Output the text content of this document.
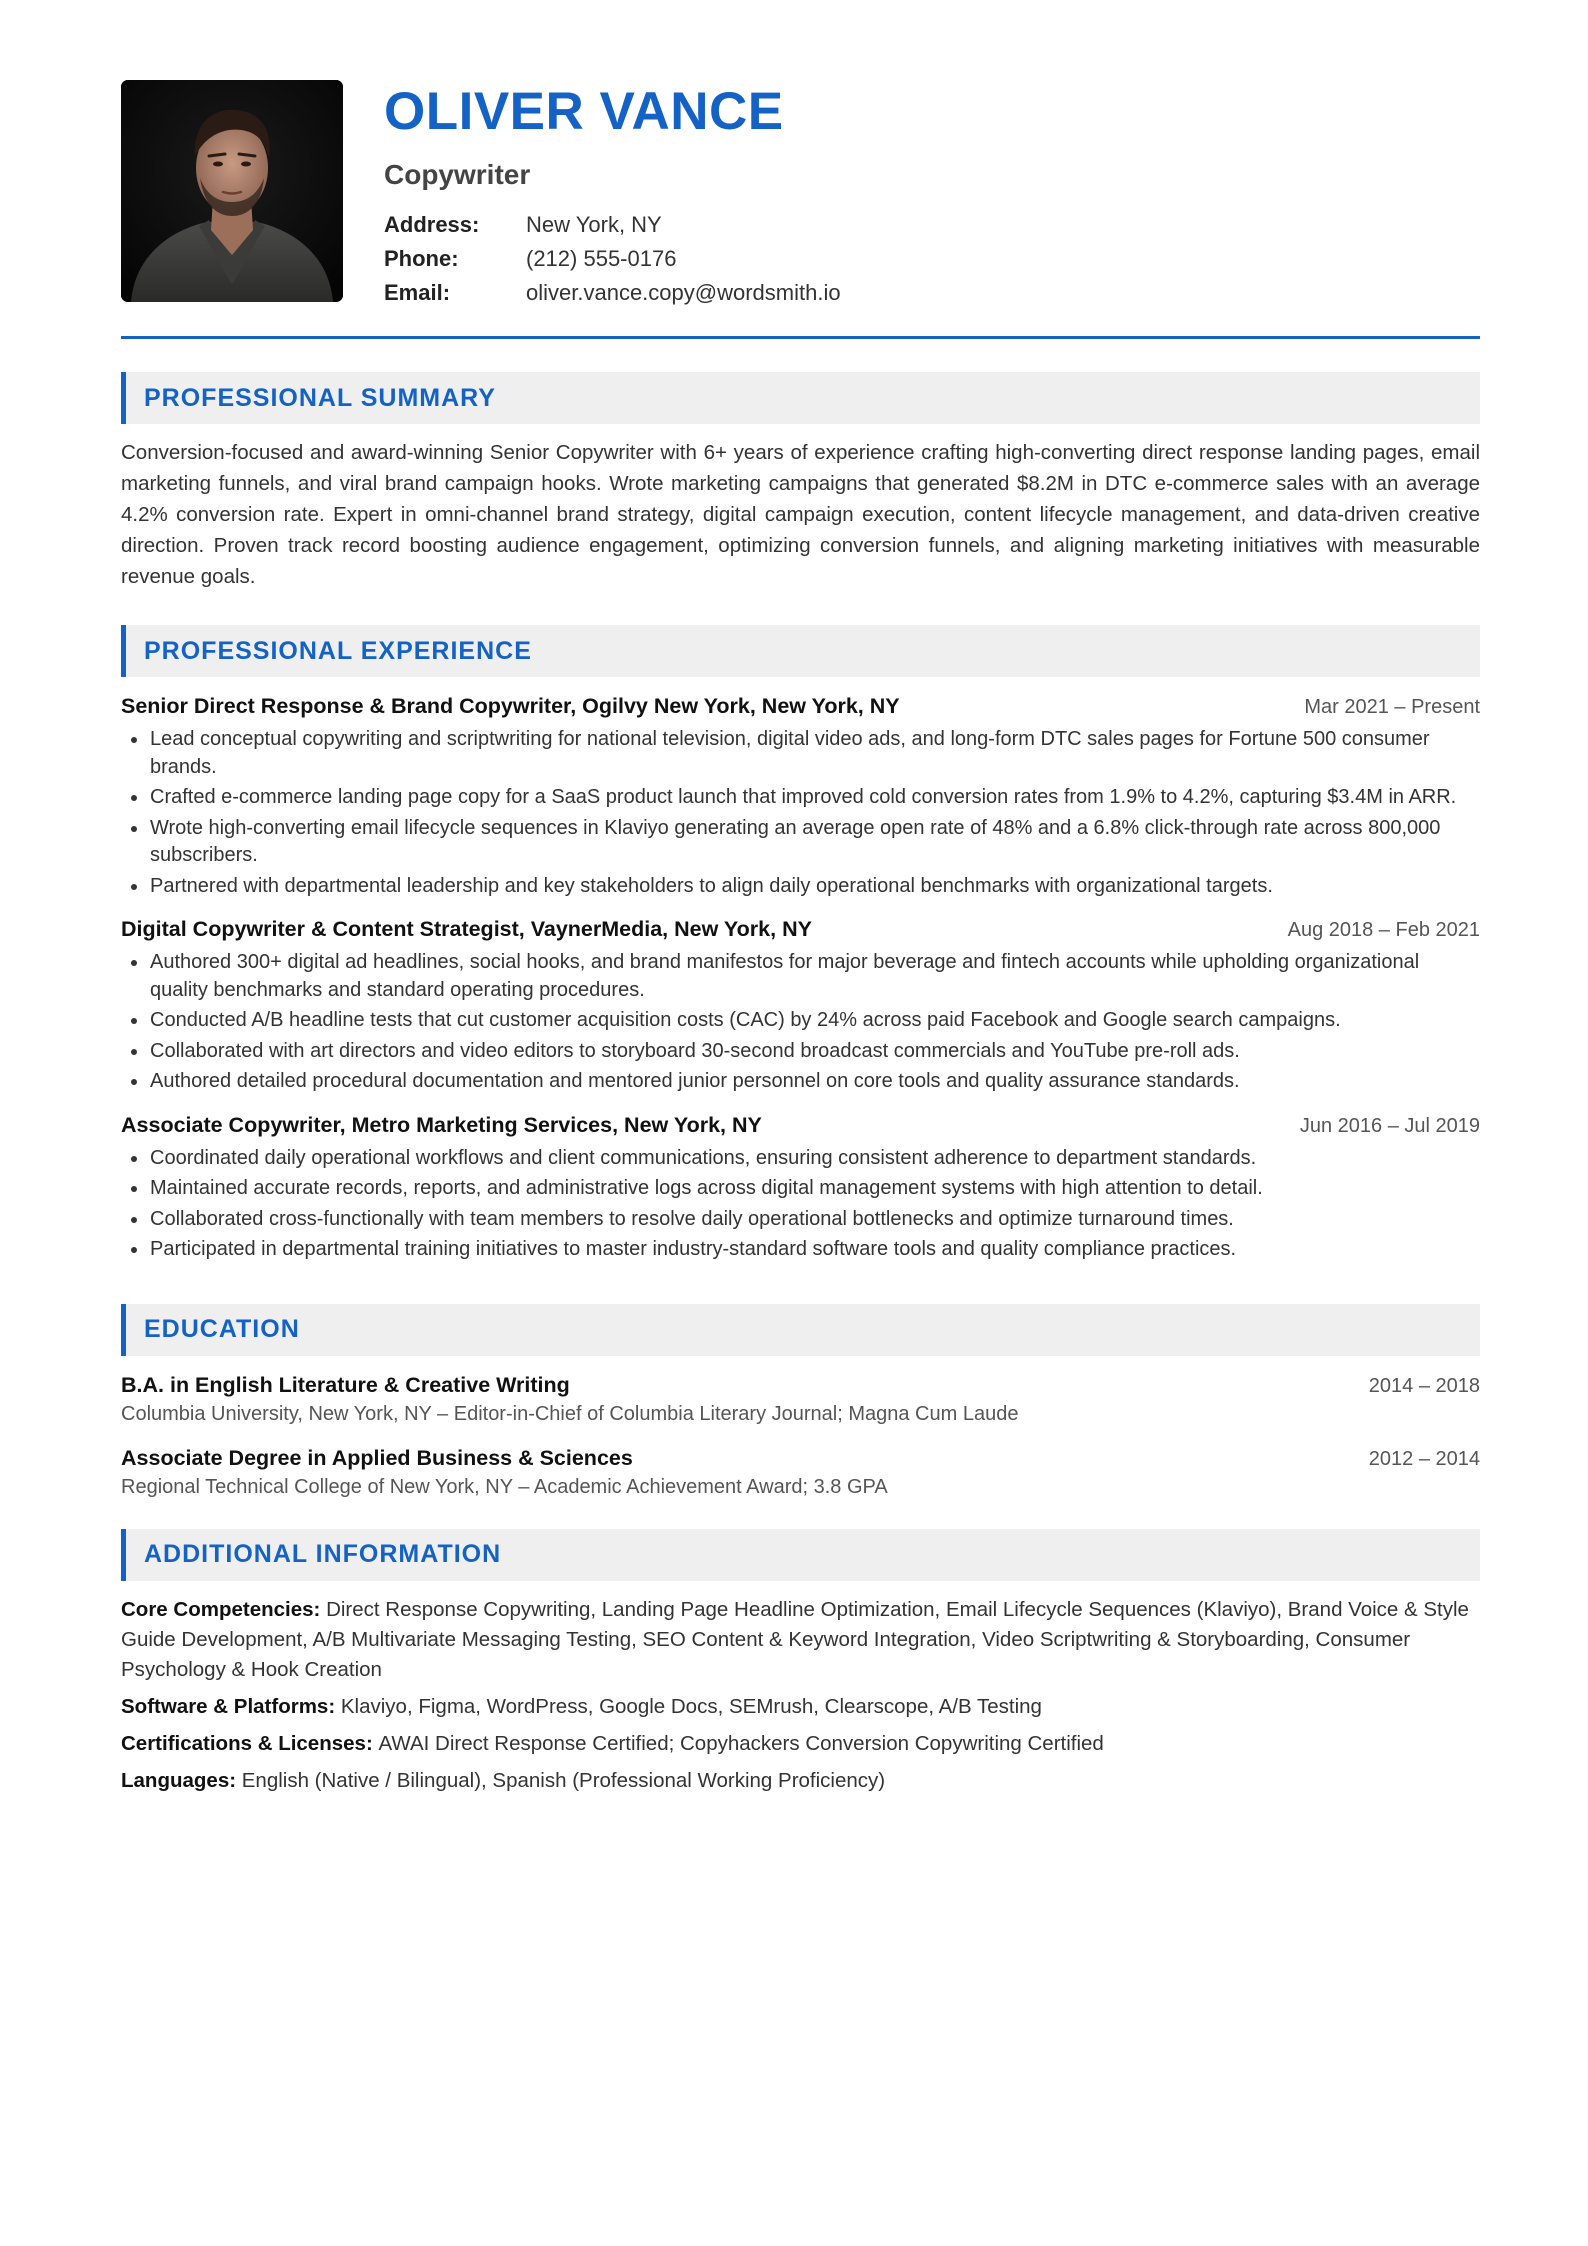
OLIVER VANCE
Copywriter
Address:	New York, NY
Phone:	(212) 555-0176
Email:	oliver.vance.copy@wordsmith.io
PROFESSIONAL SUMMARY
Conversion-focused and award-winning Senior Copywriter with 6+ years of experience crafting high-converting direct response landing pages, email marketing funnels, and viral brand campaign hooks. Wrote marketing campaigns that generated $8.2M in DTC e-commerce sales with an average 4.2% conversion rate. Expert in omni-channel brand strategy, digital campaign execution, content lifecycle management, and data-driven creative direction. Proven track record boosting audience engagement, optimizing conversion funnels, and aligning marketing initiatives with measurable revenue goals.
PROFESSIONAL EXPERIENCE
Senior Direct Response & Brand Copywriter, Ogilvy New York, New York, NY	Mar 2021 – Present
• Lead conceptual copywriting and scriptwriting for national television, digital video ads, and long-form DTC sales pages for Fortune 500 consumer brands.
• Crafted e-commerce landing page copy for a SaaS product launch that improved cold conversion rates from 1.9% to 4.2%, capturing $3.4M in ARR.
• Wrote high-converting email lifecycle sequences in Klaviyo generating an average open rate of 48% and a 6.8% click-through rate across 800,000 subscribers.
• Partnered with departmental leadership and key stakeholders to align daily operational benchmarks with organizational targets.
Digital Copywriter & Content Strategist, VaynerMedia, New York, NY	Aug 2018 – Feb 2021
• Authored 300+ digital ad headlines, social hooks, and brand manifestos for major beverage and fintech accounts while upholding organizational quality benchmarks and standard operating procedures.
• Conducted A/B headline tests that cut customer acquisition costs (CAC) by 24% across paid Facebook and Google search campaigns.
• Collaborated with art directors and video editors to storyboard 30-second broadcast commercials and YouTube pre-roll ads.
• Authored detailed procedural documentation and mentored junior personnel on core tools and quality assurance standards.
Associate Copywriter, Metro Marketing Services, New York, NY	Jun 2016 – Jul 2019
• Coordinated daily operational workflows and client communications, ensuring consistent adherence to department standards.
• Maintained accurate records, reports, and administrative logs across digital management systems with high attention to detail.
• Collaborated cross-functionally with team members to resolve daily operational bottlenecks and optimize turnaround times.
• Participated in departmental training initiatives to master industry-standard software tools and quality compliance practices.
EDUCATION
B.A. in English Literature & Creative Writing	2014 – 2018
Columbia University, New York, NY – Editor-in-Chief of Columbia Literary Journal; Magna Cum Laude
Associate Degree in Applied Business & Sciences	2012 – 2014
Regional Technical College of New York, NY – Academic Achievement Award; 3.8 GPA
ADDITIONAL INFORMATION
Core Competencies: Direct Response Copywriting, Landing Page Headline Optimization, Email Lifecycle Sequences (Klaviyo), Brand Voice & Style Guide Development, A/B Multivariate Messaging Testing, SEO Content & Keyword Integration, Video Scriptwriting & Storyboarding, Consumer Psychology & Hook Creation
Software & Platforms: Klaviyo, Figma, WordPress, Google Docs, SEMrush, Clearscope, A/B Testing
Certifications & Licenses: AWAI Direct Response Certified; Copyhackers Conversion Copywriting Certified
Languages: English (Native / Bilingual), Spanish (Professional Working Proficiency)
